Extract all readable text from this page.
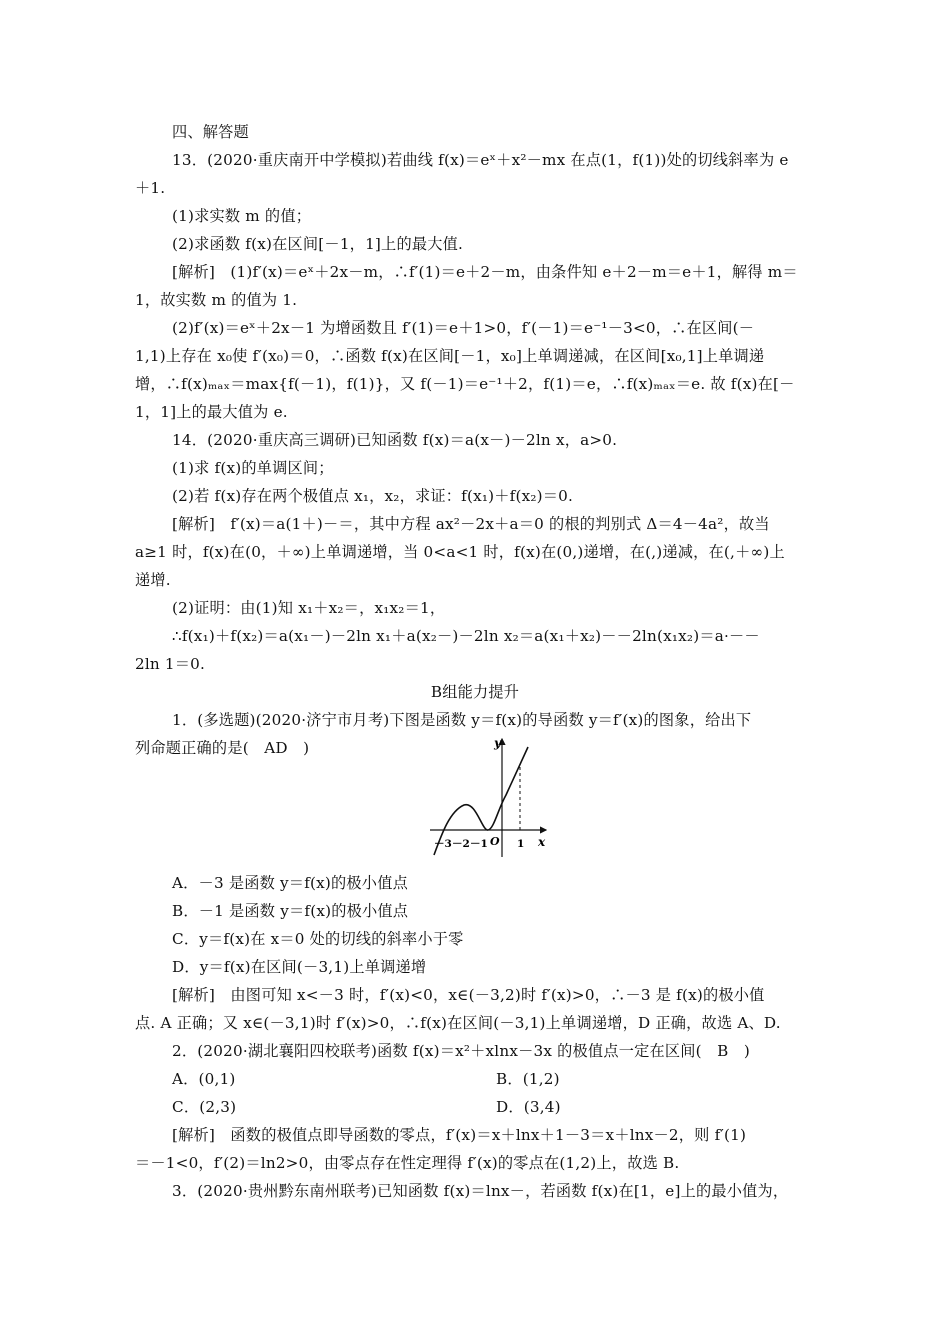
四、解答题
13．(2020·重庆南开中学模拟)若曲线 f(x)＝eˣ＋x²－mx 在点(1，f(1))处的切线斜率为 e
＋1.
(1)求实数 m 的值；
(2)求函数 f(x)在区间[－1，1]上的最大值.
[解析]　(1)f′(x)＝eˣ＋2x－m，∴f′(1)＝e＋2－m，由条件知 e＋2－m＝e＋1，解得 m＝
1，故实数 m 的值为 1.
(2)f′(x)＝eˣ＋2x－1 为增函数且 f′(1)＝e＋1>0，f′(－1)＝e⁻¹－3<0，∴在区间(－
1,1)上存在 x₀使 f′(x₀)＝0，∴函数 f(x)在区间[－1，x₀]上单调递减，在区间[x₀,1]上单调递
增，∴f(x)ₘₐₓ＝max{f(－1)，f(1)}，又 f(－1)＝e⁻¹＋2，f(1)＝e，∴f(x)ₘₐₓ＝e. 故 f(x)在[－
1，1]上的最大值为 e.
14．(2020·重庆高三调研)已知函数 f(x)＝a(x－)－2ln x，a>0.
(1)求 f(x)的单调区间；
(2)若 f(x)存在两个极值点 x₁，x₂，求证：f(x₁)＋f(x₂)＝0.
[解析]　f′(x)＝a(1＋)－＝，其中方程 ax²－2x＋a＝0 的根的判别式 Δ＝4－4a²，故当
a≥1 时，f(x)在(0，＋∞)上单调递增，当 0<a<1 时，f(x)在(0,)递增，在(,)递减，在(,＋∞)上
递增.
(2)证明：由(1)知 x₁＋x₂＝，x₁x₂＝1，
∴f(x₁)＋f(x₂)＝a(x₁－)－2ln x₁＋a(x₂－)－2ln x₂＝a(x₁＋x₂)－－2ln(x₁x₂)＝a·－－
2ln 1＝0.
B组能力提升
1．(多选题)(2020·济宁市月考)下图是函数 y＝f(x)的导函数 y＝f′(x)的图象，给出下
列命题正确的是(　AD　)	y
x
O
－3 －2 －1	1
A．－3 是函数 y＝f(x)的极小值点
B．－1 是函数 y＝f(x)的极小值点
C．y＝f(x)在 x＝0 处的切线的斜率小于零
D．y＝f(x)在区间(－3,1)上单调递增
[解析]　由图可知 x<－3 时，f′(x)<0，x∈(－3,2)时 f′(x)>0，∴－3 是 f(x)的极小值
点. A 正确；又 x∈(－3,1)时 f′(x)>0，∴f(x)在区间(－3,1)上单调递增，D 正确，故选 A、D.
2．(2020·湖北襄阳四校联考)函数 f(x)＝x²＋xlnx－3x 的极值点一定在区间(　B　)
A．(0,1)	B．(1,2)
C．(2,3)	D．(3,4)
[解析]　函数的极值点即导函数的零点，f′(x)＝x＋lnx＋1－3＝x＋lnx－2，则 f′(1)
＝－1<0，f′(2)＝ln2>0，由零点存在性定理得 f′(x)的零点在(1,2)上，故选 B.
3．(2020·贵州黔东南州联考)已知函数 f(x)＝lnx－，若函数 f(x)在[1，e]上的最小值为，
